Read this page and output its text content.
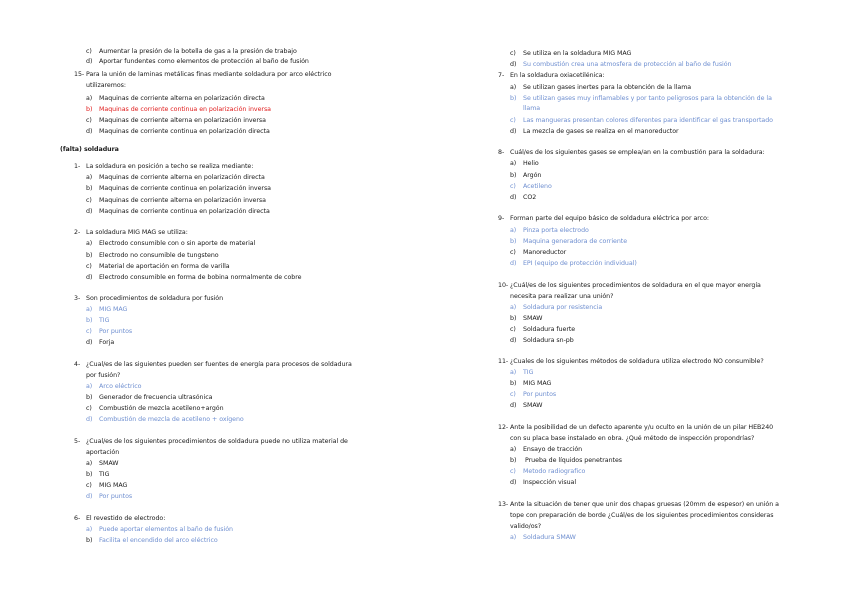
c) Aumentar la presión de la botella de gas a la presión de trabajo
d) Aportar fundentes como elementos de protección al baño de fusión
15- Para la unión de laminas metálicas finas mediante soldadura por arco eléctrico
utilizaremos:
a) Maquinas de corriente alterna en polarización directa
b) Maquinas de corriente continua en polarización inversa
c) Maquinas de corriente alterna en polarización inversa
d) Maquinas de corriente continua en polarización directa
(falta) soldadura
1- La soldadura en posición a techo se realiza mediante:
a) Maquinas de corriente alterna en polarización directa
b) Maquinas de corriente continua en polarización inversa
c) Maquinas de corriente alterna en polarización inversa
d) Maquinas de corriente continua en polarización directa
2- La soldadura MIG MAG se utiliza:
a) Electrodo consumible con o sin aporte de material
b) Electrodo no consumible de tungsteno
c) Material de aportación en forma de varilla
d) Electrodo consumible en forma de bobina normalmente de cobre
3- Son procedimientos de soldadura por fusión
a) MIG MAG
b) TIG
c) Por puntos
d) Forja
4- ¿Cual/es de las siguientes pueden ser fuentes de energía para procesos de soldadura
por fusión?
a) Arco eléctrico
b) Generador de frecuencia ultrasónica
c) Combustión de mezcla acetileno+argón
d) Combustión de mezcla de acetileno + oxígeno
5- ¿Cual/es de los siguientes procedimientos de soldadura puede no utiliza material de
aportación
a) SMAW
b) TIG
c) MIG MAG
d) Por puntos
6- El revestido de electrodo:
a) Puede aportar elementos al baño de fusión
b) Facilita el encendido del arco eléctrico
c) Se utiliza en la soldadura MIG MAG
d) Su combustión crea una atmosfera de protección al baño de fusión
7- En la soldadura oxiacetilénica:
a) Se utilizan gases inertes para la obtención de la llama
b) Se utilizan gases muy inflamables y por tanto peligrosos para la obtención de la
llama
c) Las mangueras presentan colores diferentes para identificar el gas transportado
d) La mezcla de gases se realiza en el manoreductor
8- Cuál/es de los siguientes gases se emplea/an en la combustión para la soldadura:
a) Helio
b) Argón
c) Acetileno
d) CO2
9- Forman parte del equipo básico de soldadura eléctrica por arco:
a) Pinza porta electrodo
b) Maquina generadora de corriente
c) Manoreductor
d) EPI (equipo de protección individual)
10- ¿Cuál/es de los siguientes procedimientos de soldadura en el que mayor energía
necesita para realizar una unión?
a) Soldadura por resistencia
b) SMAW
c) Soldadura fuerte
d) Soldadura sn-pb
11- ¿Cuales de los siguientes métodos de soldadura utiliza electrodo NO consumible?
a) TIG
b) MIG MAG
c) Por puntos
d) SMAW
12- Ante la posibilidad de un defecto aparente y/u oculto en la unión de un pilar HEB240
con su placa base instalado en obra. ¿Qué método de inspección propondrías?
a) Ensayo de tracción
b) Prueba de líquidos penetrantes
c) Metodo radiografico
d) Inspección visual
13- Ante la situación de tener que unir dos chapas gruesas (20mm de espesor) en unión a
tope con preparación de borde ¿Cuál/es de los siguientes procedimientos consideras
valido/os?
a) Soldadura SMAW
